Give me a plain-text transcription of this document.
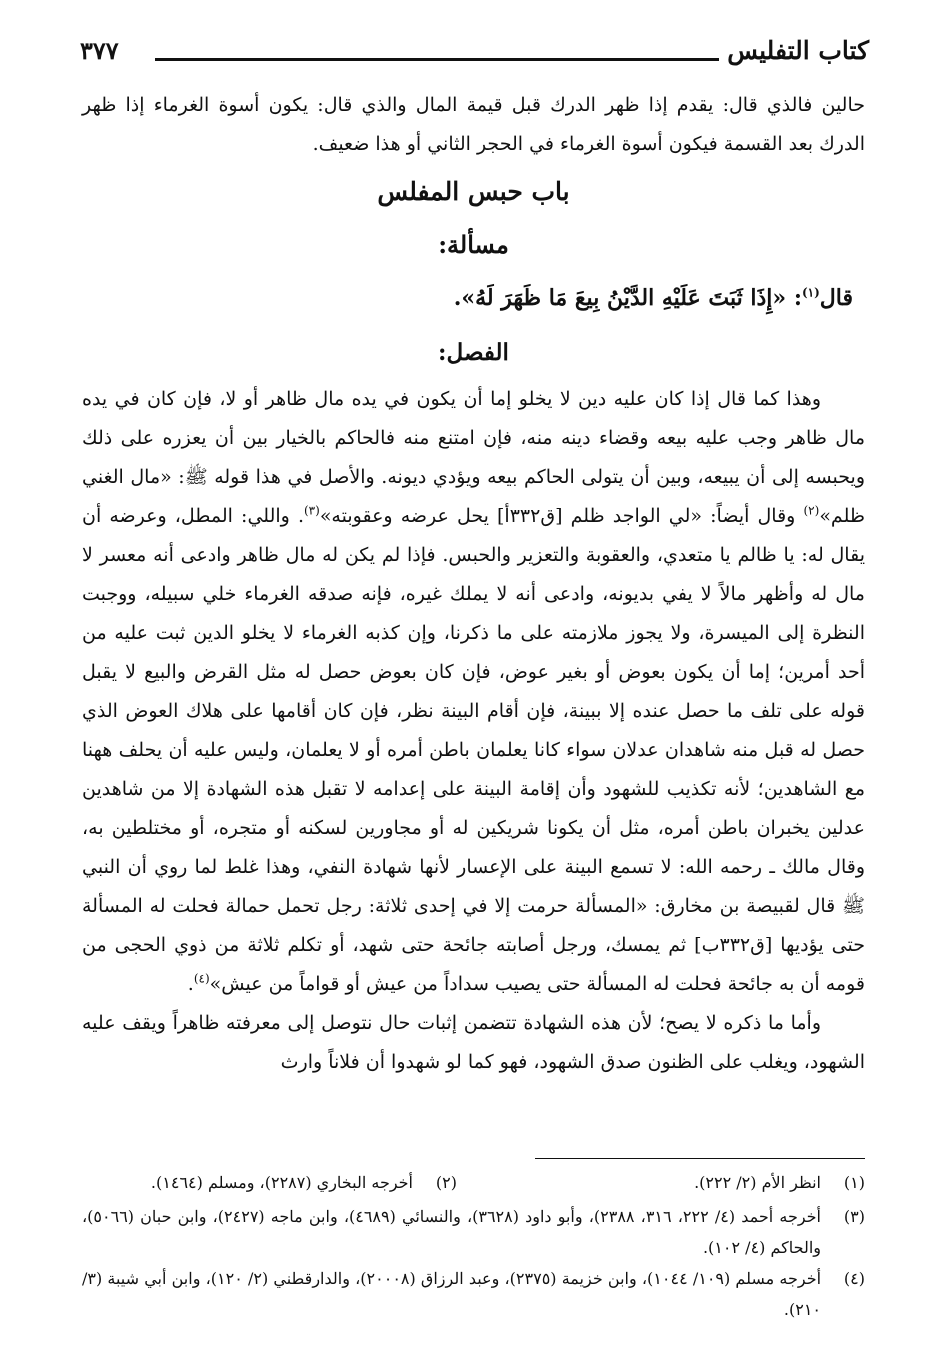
كتاب التفليس
٣٧٧

حالين فالذي قال: يقدم إذا ظهر الدرك قبل قيمة المال والذي قال: يكون أسوة الغرماء إذا ظهر الدرك بعد القسمة فيكون أسوة الغرماء في الحجر الثاني أو هذا ضعيف.

باب حبس المفلس

مسألة:

قال$^{(١)}$: «إِذَا ثَبَتَ عَلَيْهِ الدَّيْنُ بِيعَ مَا ظَهَرَ لَهُ».

الفصل:

وهذا كما قال إذا كان عليه دين لا يخلو إما أن يكون في يده مال ظاهر أو لا، فإن كان في يده مال ظاهر وجب عليه بيعه وقضاء دينه منه، فإن امتنع منه فالحاكم بالخيار بين أن يعزره على ذلك ويحبسه إلى أن يبيعه، وبين أن يتولى الحاكم بيعه ويؤدي ديونه. والأصل في هذا قوله ﷺ: «مال الغني ظلم»$^{(٢)}$ وقال أيضاً: «لي الواجد ظلم [ق٣٣٢أ] يحل عرضه وعقوبته»$^{(٣)}$. واللي: المطل، وعرضه أن يقال له: يا ظالم يا متعدي، والعقوبة والتعزير والحبس. فإذا لم يكن له مال ظاهر وادعى أنه معسر لا مال له وأظهر مالاً لا يفي بديونه، وادعى أنه لا يملك غيره، فإنه صدقه الغرماء خلي سبيله، ووجبت النظرة إلى الميسرة، ولا يجوز ملازمته على ما ذكرنا، وإن كذبه الغرماء لا يخلو الدين ثبت عليه من أحد أمرين؛ إما أن يكون بعوض أو بغير عوض، فإن كان بعوض حصل له مثل القرض والبيع لا يقبل قوله على تلف ما حصل عنده إلا ببينة، فإن أقام البينة نظر، فإن كان أقامها على هلاك العوض الذي حصل له قبل منه شاهدان عدلان سواء كانا يعلمان باطن أمره أو لا يعلمان، وليس عليه أن يحلف ههنا مع الشاهدين؛ لأنه تكذيب للشهود وأن إقامة البينة على إعدامه لا تقبل هذه الشهادة إلا من شاهدين عدلين يخبران باطن أمره، مثل أن يكونا شريكين له أو مجاورين لسكنه أو متجره، أو مختلطين به، وقال مالك ـ رحمه الله: لا تسمع البينة على الإعسار لأنها شهادة النفي، وهذا غلط لما روي أن النبي ﷺ قال لقبيصة بن مخارق: «المسألة حرمت إلا في إحدى ثلاثة: رجل تحمل حمالة فحلت له المسألة حتى يؤديها [ق٣٣٢ب] ثم يمسك، ورجل أصابته جائحة حتى شهد، أو تكلم ثلاثة من ذوي الحجى من قومه أن به جائحة فحلت له المسألة حتى يصيب سداداً من عيش أو قواماً من عيش»$^{(٤)}$.

وأما ما ذكره لا يصح؛ لأن هذه الشهادة تتضمن إثبات حال نتوصل إلى معرفته ظاهراً ويقف عليه الشهود، ويغلب على الظنون صدق الشهود، فهو كما لو شهدوا أن فلاناً وارث

(١)
انظر الأم (٢/ ٢٢٢).
(٢)
أخرجه البخاري (٢٢٨٧)، ومسلم (١٤٦٤).
(٣)
أخرجه أحمد (٤/ ٢٢٢، ٣١٦، ٢٣٨٨)، وأبو داود (٣٦٢٨)، والنسائي (٤٦٨٩)، وابن ماجه (٢٤٢٧)، وابن حبان (٥٠٦٦)، والحاكم (٤/ ١٠٢).
(٤)
أخرجه مسلم (١٠٩/ ١٠٤٤)، وابن خزيمة (٢٣٧٥)، وعبد الرزاق (٢٠٠٠٨)، والدارقطني (٢/ ١٢٠)، وابن أبي شيبة (٣/ ٢١٠).
